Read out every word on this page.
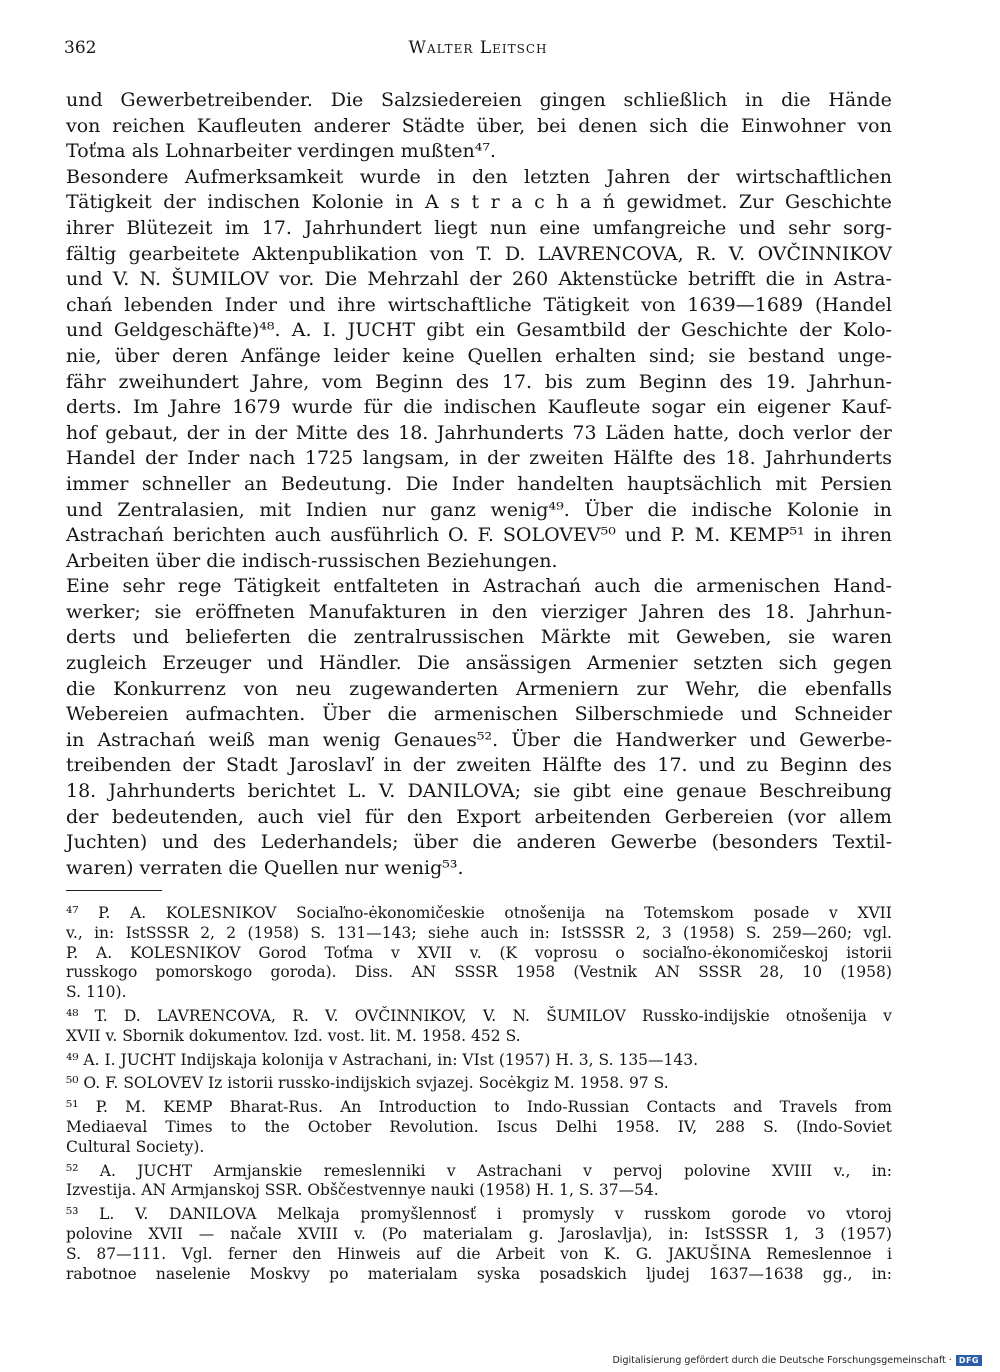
362	Walter Leitsch
und Gewerbetreibender. Die Salzsiedereien gingen schließlich in die Hände
von reichen Kaufleuten anderer Städte über, bei denen sich die Einwohner von
Toťma als Lohnarbeiter verdingen mußten⁴⁷.
Besondere Aufmerksamkeit wurde in den letzten Jahren der wirtschaftlichen
Tätigkeit der indischen Kolonie in A s t r a c h a ń gewidmet. Zur Geschichte
ihrer Blütezeit im 17. Jahrhundert liegt nun eine umfangreiche und sehr sorg-
fältig gearbeitete Aktenpublikation von T. D. LAVRENCOVA, R. V. OVČINNIKOV
und V. N. ŠUMILOV vor. Die Mehrzahl der 260 Aktenstücke betrifft die in Astra-
chań lebenden Inder und ihre wirtschaftliche Tätigkeit von 1639—1689 (Handel
und Geldgeschäfte)⁴⁸. A. I. JUCHT gibt ein Gesamtbild der Geschichte der Kolo-
nie, über deren Anfänge leider keine Quellen erhalten sind; sie bestand unge-
fähr zweihundert Jahre, vom Beginn des 17. bis zum Beginn des 19. Jahrhun-
derts. Im Jahre 1679 wurde für die indischen Kaufleute sogar ein eigener Kauf-
hof gebaut, der in der Mitte des 18. Jahrhunderts 73 Läden hatte, doch verlor der
Handel der Inder nach 1725 langsam, in der zweiten Hälfte des 18. Jahrhunderts
immer schneller an Bedeutung. Die Inder handelten hauptsächlich mit Persien
und Zentralasien, mit Indien nur ganz wenig⁴⁹. Über die indische Kolonie in
Astrachań berichten auch ausführlich O. F. SOLOVEV⁵⁰ und P. M. KEMP⁵¹ in ihren
Arbeiten über die indisch-russischen Beziehungen.
Eine sehr rege Tätigkeit entfalteten in Astrachań auch die armenischen Hand-
werker; sie eröffneten Manufakturen in den vierziger Jahren des 18. Jahrhun-
derts und belieferten die zentralrussischen Märkte mit Geweben, sie waren
zugleich Erzeuger und Händler. Die ansässigen Armenier setzten sich gegen
die Konkurrenz von neu zugewanderten Armeniern zur Wehr, die ebenfalls
Webereien aufmachten. Über die armenischen Silberschmiede und Schneider
in Astrachań weiß man wenig Genaues⁵². Über die Handwerker und Gewerbe-
treibenden der Stadt Jaroslavľ in der zweiten Hälfte des 17. und zu Beginn des
18. Jahrhunderts berichtet L. V. DANILOVA; sie gibt eine genaue Beschreibung
der bedeutenden, auch viel für den Export arbeitenden Gerbereien (vor allem
Juchten) und des Lederhandels; über die anderen Gewerbe (besonders Textil-
waren) verraten die Quellen nur wenig⁵³.
⁴⁷ P. A. KOLESNIKOV Sociaľno-ėkonomičeskie otnošenija na Totemskom posade v XVII
v., in: IstSSSR 2, 2 (1958) S. 131—143; siehe auch in: IstSSSR 2, 3 (1958) S. 259—260; vgl.
P. A. KOLESNIKOV Gorod Toťma v XVII v. (K voprosu o sociaľno-ėkonomičeskoj istorii
russkogo pomorskogo goroda). Diss. AN SSSR 1958 (Vestnik AN SSSR 28, 10 (1958)
S. 110).
⁴⁸ T. D. LAVRENCOVA, R. V. OVČINNIKOV, V. N. ŠUMILOV Russko-indijskie otnošenija v
XVII v. Sbornik dokumentov. Izd. vost. lit. M. 1958. 452 S.
⁴⁹ A. I. JUCHT Indijskaja kolonija v Astrachani, in: VIst (1957) H. 3, S. 135—143.
⁵⁰ O. F. SOLOVEV Iz istorii russko-indijskich svjazej. Socėkgiz M. 1958. 97 S.
⁵¹ P. M. KEMP Bharat-Rus. An Introduction to Indo-Russian Contacts and Travels from
Mediaeval Times to the October Revolution. Iscus Delhi 1958. IV, 288 S. (Indo-Soviet
Cultural Society).
⁵² A. JUCHT Armjanskie remeslenniki v Astrachani v pervoj polovine XVIII v., in:
Izvestija. AN Armjanskoj SSR. Obščestvennye nauki (1958) H. 1, S. 37—54.
⁵³ L. V. DANILOVA Melkaja promyšlennosť i promysly v russkom gorode vo vtoroj
polovine XVII — načale XVIII v. (Po materialam g. Jaroslavlja), in: IstSSSR 1, 3 (1957)
S. 87—111. Vgl. ferner den Hinweis auf die Arbeit von K. G. JAKUŠINA Remeslennoe i
rabotnoe naselenie Moskvy po materialam syska posadskich ljudej 1637—1638 gg., in:
Digitalisierung gefördert durch die Deutsche Forschungsgemeinschaft · DFG
